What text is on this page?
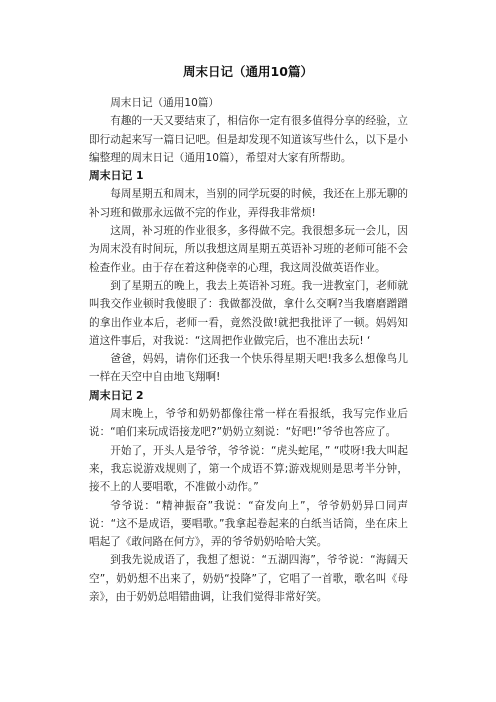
周末日记（通用10篇）

周末日记（通用10篇）

有趣的一天又要结束了，相信你一定有很多值得分享的经验，立即行动起来写一篇日记吧。但是却发现不知道该写些什么，以下是小编整理的周末日记（通用10篇），希望对大家有所帮助。

周末日记 1

每周星期五和周末，当别的同学玩耍的时候，我还在上那无聊的补习班和做那永远做不完的作业，弄得我非常烦!

这周，补习班的作业很多，多得做不完。我很想多玩一会儿，因为周末没有时间玩，所以我想这周星期五英语补习班的老师可能不会检查作业。由于存在着这种侥幸的心理，我这周没做英语作业。

到了星期五的晚上，我去上英语补习班。我一进教室门，老师就叫我交作业顿时我傻眼了：我做都没做，拿什么交啊?当我磨磨蹭蹭的拿出作业本后，老师一看，竟然没做!就把我批评了一顿。妈妈知道这件事后，对我说：“这周把作业做完后，也不准出去玩! ‘

爸爸，妈妈，请你们还我一个快乐得星期天吧!我多么想像鸟儿一样在天空中自由地飞翔啊!

周末日记 2

周末晚上，爷爷和奶奶都像往常一样在看报纸，我写完作业后说：“咱们来玩成语接龙吧?”奶奶立刻说：“好吧!”爷爷也答应了。

开始了，开头人是爷爷，爷爷说：“虎头蛇尾，” “哎呀!我大叫起来，我忘说游戏规则了，第一个成语不算;游戏规则是思考半分钟，接不上的人要唱歌，不准做小动作。”

爷爷说：“精神振奋”我说：“奋发向上”，爷爷奶奶异口同声说：“这不是成语，要唱歌。”我拿起卷起来的白纸当话筒，坐在床上唱起了《敢问路在何方》，弄的爷爷奶奶哈哈大笑。

到我先说成语了，我想了想说：“五湖四海”，爷爷说：“海阔天空”，奶奶想不出来了，奶奶“投降”了，它唱了一首歌，歌名叫《母亲》，由于奶奶总唱错曲调，让我们觉得非常好笑。
